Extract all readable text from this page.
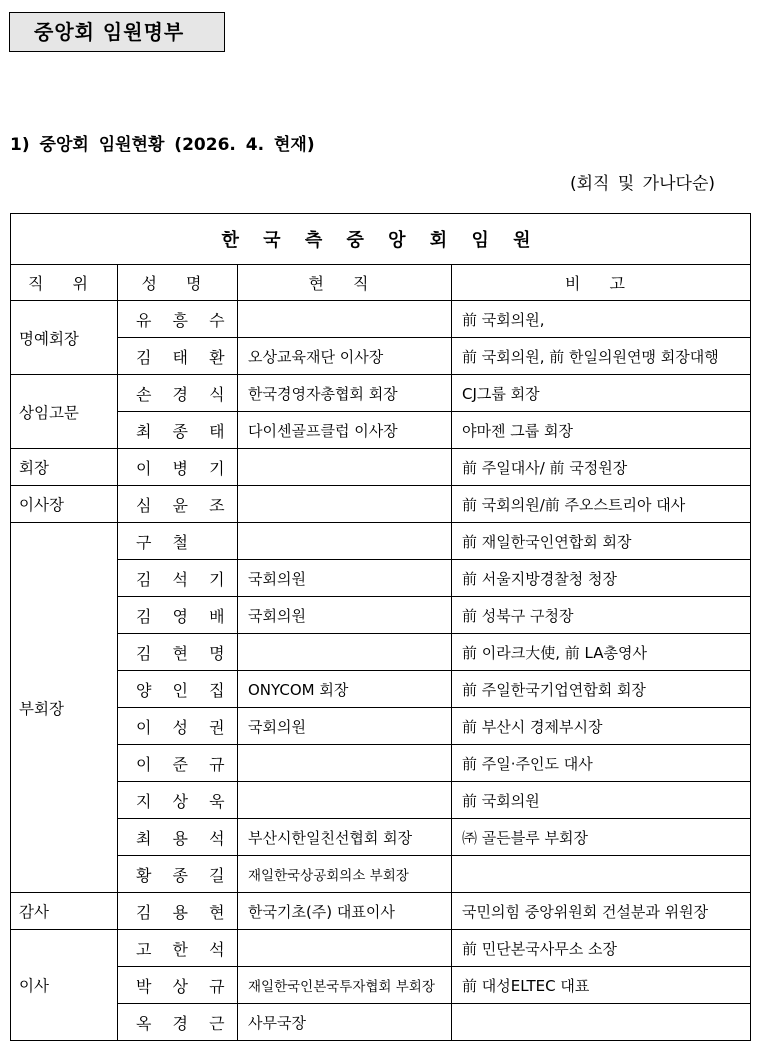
중앙회 임원명부
1) 중앙회 임원현황 (2026. 4. 현재)
(회직 및 가나다순)
한 국 측 중 앙 회 임 원			
직 위	성 명	현 직	비 고
명예회장	유 흥 수		前 국회의원,
	김 태 환	오상교육재단 이사장	前 국회의원, 前 한일의원연맹 회장대행
상임고문	손 경 식	한국경영자총협회 회장	CJ그룹 회장
	최 종 태	다이센골프클럽 이사장	야마젠 그룹 회장
회장	이 병 기		前 주일대사/ 前 국정원장
이사장	심 윤 조		前 국회의원/前 주오스트리아 대사
부회장	구 철		前 재일한국인연합회 회장
	김 석 기	국회의원	前 서울지방경찰청 청장
	김 영 배	국회의원	前 성북구 구청장
	김 현 명		前 이라크大使, 前 LA총영사
	양 인 집	ONYCOM 회장	前 주일한국기업연합회 회장
	이 성 권	국회의원	前 부산시 경제부시장
	이 준 규		前 주일·주인도 대사
	지 상 욱		前 국회의원
	최 용 석	부산시한일친선협회 회장	㈜ 골든블루 부회장
	황 종 길	재일한국상공회의소 부회장	
감사	김 용 현	한국기초(주) 대표이사	국민의힘 중앙위원회 건설분과 위원장
이사	고 한 석		前 민단본국사무소 소장
	박 상 규	재일한국인본국투자협회 부회장	前 대성ELTEC 대표
	옥 경 근	사무국장	
